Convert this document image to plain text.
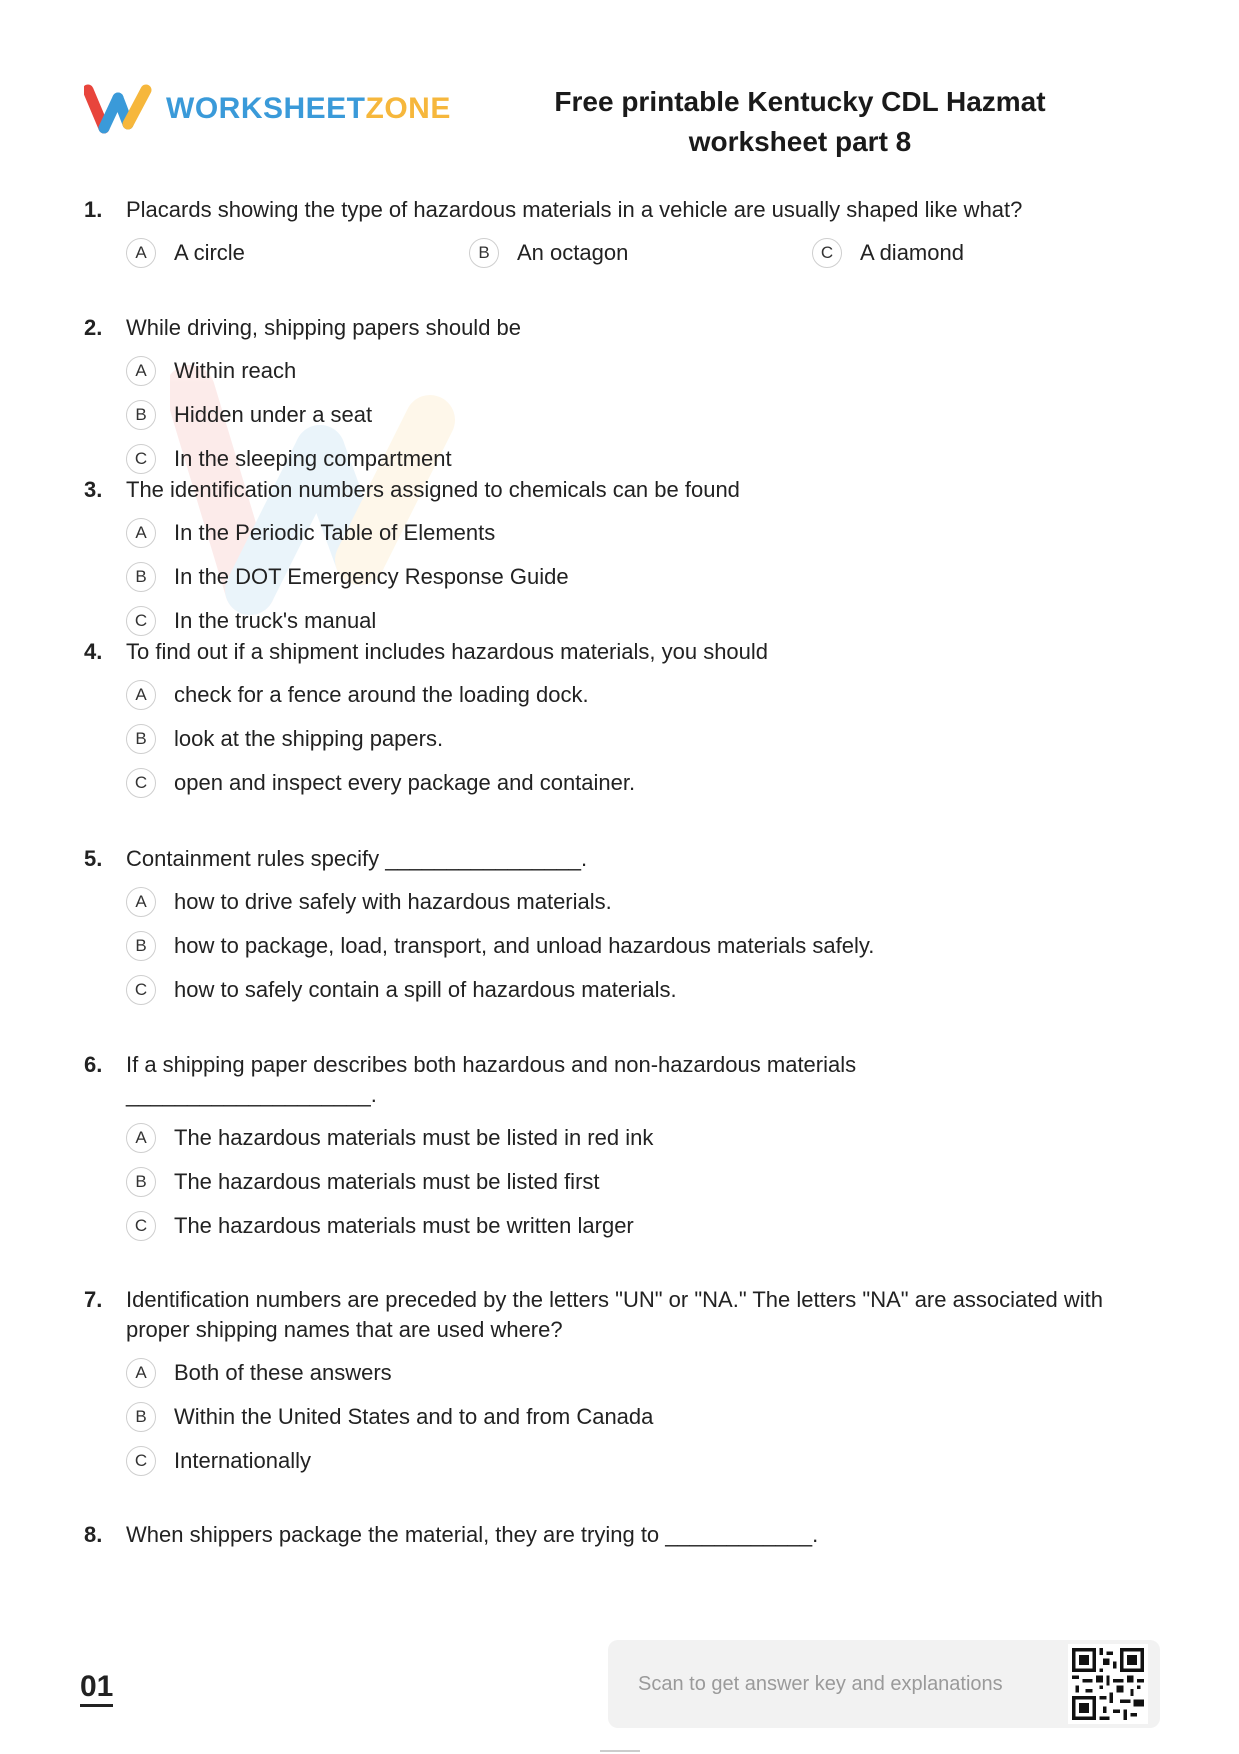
WORKSHEETZONE	Free printable Kentucky CDL Hazmat
worksheet part 8
1.	Placards showing the type of hazardous materials in a vehicle are usually shaped like what?
A	A circle	B	An octagon	C	A diamond
2.	While driving, shipping papers should be
A	Within reach
B	Hidden under a seat
C	In the sleeping compartment
3.	The identification numbers assigned to chemicals can be found
A	In the Periodic Table of Elements
B	In the DOT Emergency Response Guide
C	In the truck's manual
4.	To find out if a shipment includes hazardous materials, you should
A	check for a fence around the loading dock.
B	look at the shipping papers.
C	open and inspect every package and container.
5.	Containment rules specify ________________.
A	how to drive safely with hazardous materials.
B	how to package, load, transport, and unload hazardous materials safely.
C	how to safely contain a spill of hazardous materials.
6.	If a shipping paper describes both hazardous and non-hazardous materials ____________________.
A	The hazardous materials must be listed in red ink
B	The hazardous materials must be listed first
C	The hazardous materials must be written larger
7.	Identification numbers are preceded by the letters "UN" or "NA." The letters "NA" are associated with proper shipping names that are used where?
A	Both of these answers
B	Within the United States and to and from Canada
C	Internationally
8.	When shippers package the material, they are trying to ____________.
01	Scan to get answer key and explanations
